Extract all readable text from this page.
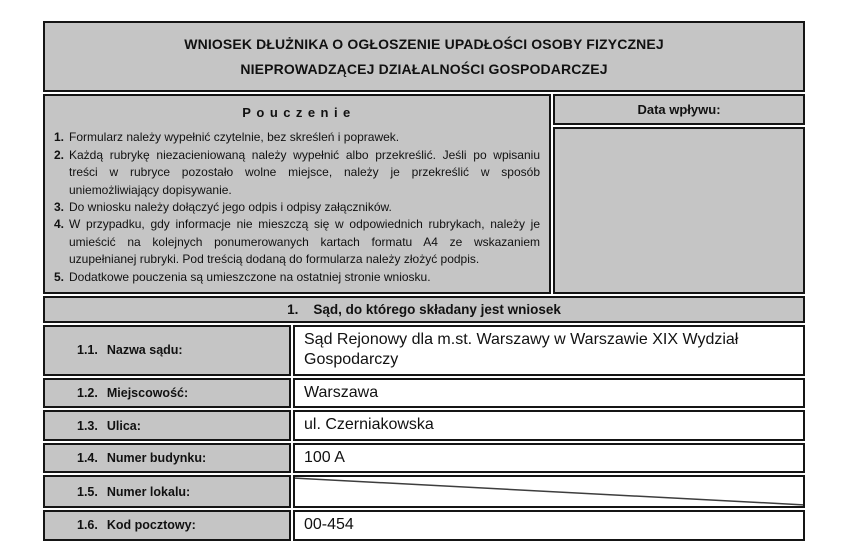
WNIOSEK DŁUŻNIKA O OGŁOSZENIE UPADŁOŚCI OSOBY FIZYCZNEJ
NIEPROWADZĄCEJ DZIAŁALNOŚCI GOSPODARCZEJ		

Pouczenie
1. Formularz należy wypełnić czytelnie, bez skreśleń i poprawek.
2. Każdą rubrykę niezacieniowaną należy wypełnić albo przekreślić. Jeśli po wpisaniu treści w rubryce pozostało wolne miejsce, należy je przekreślić w sposób uniemożliwiający dopisywanie.
3. Do wniosku należy dołączyć jego odpis i odpisy załączników.
4. W przypadku, gdy informacje nie mieszczą się w odpowiednich rubrykach, należy je umieścić na kolejnych ponumerowanych kartach formatu A4 ze wskazaniem uzupełnianej rubryki. Pod treścią dodaną do formularza należy złożyć podpis.
5. Dodatkowe pouczenia są umieszczone na ostatniej stronie wniosku.
	Data wpływu:

1. Sąd, do którego składany jest wniosek		
1.1. Nazwa sądu:	Sąd Rejonowy dla m.st. Warszawy w Warszawie XIX Wydział Gospodarczy	
1.2. Miejscowość:	Warszawa	
1.3. Ulica:	ul. Czerniakowska	
1.4. Numer budynku:	100 A	
1.5. Numer lokalu:	

1.6. Kod pocztowy:	00-454	
